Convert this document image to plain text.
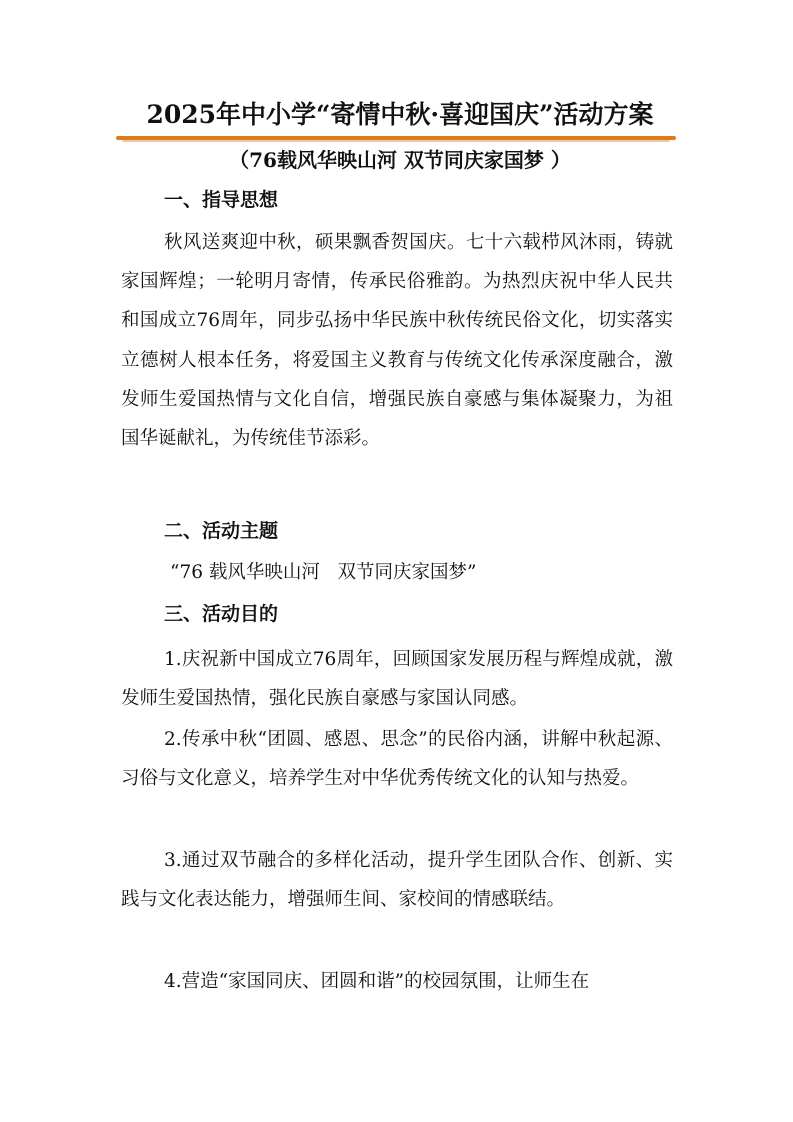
2025年中小学“寄情中秋·喜迎国庆”活动方案
（76载风华映山河 双节同庆家国梦 ）
一、指导思想

秋风送爽迎中秋，硕果飘香贺国庆。七十六载栉风沐雨，铸就家国辉煌；一轮明月寄情，传承民俗雅韵。为热烈庆祝中华人民共和国成立76周年，同步弘扬中华民族中秋传统民俗文化，切实落实立德树人根本任务，将爱国主义教育与传统文化传承深度融合，激发师生爱国热情与文化自信，增强民族自豪感与集体凝聚力，为祖国华诞献礼，为传统佳节添彩。

二、活动主题
“76 载风华映山河   双节同庆家国梦”
三、活动目的

1.庆祝新中国成立76周年，回顾国家发展历程与辉煌成就，激发师生爱国热情，强化民族自豪感与家国认同感。

2.传承中秋“团圆、感恩、思念”的民俗内涵，讲解中秋起源、习俗与文化意义，培养学生对中华优秀传统文化的认知与热爱。

3.通过双节融合的多样化活动，提升学生团队合作、创新、实践与文化表达能力，增强师生间、家校间的情感联结。

4.营造“家国同庆、团圆和谐”的校园氛围，让师生在
